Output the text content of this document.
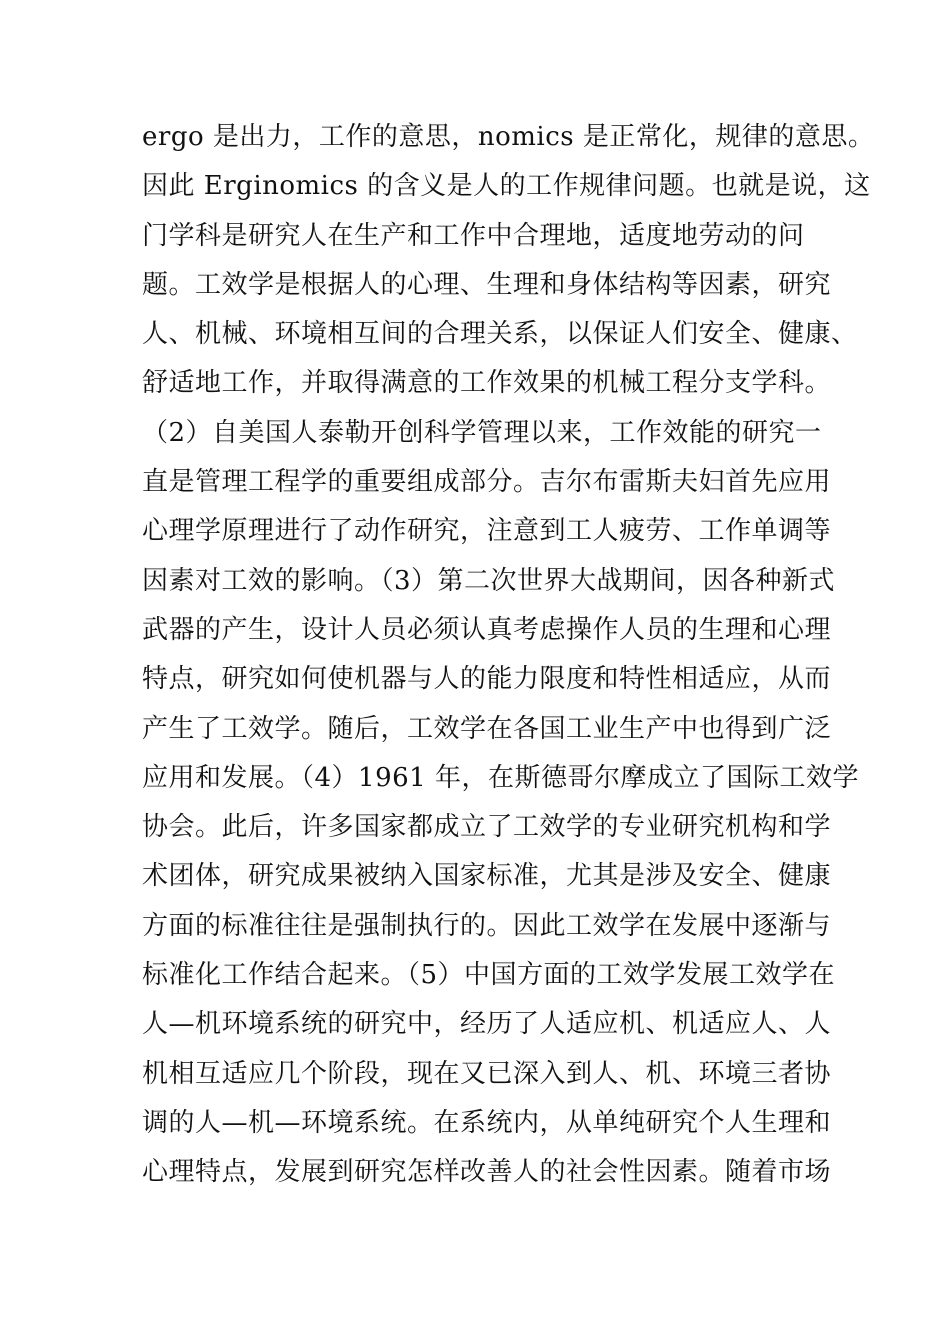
ergo 是出力，工作的意思，nomics 是正常化，规律的意思。
因此 Erginomics 的含义是人的工作规律问题。也就是说，这
门学科是研究人在生产和工作中合理地，适度地劳动的问
题。工效学是根据人的心理、生理和身体结构等因素，研究
人、机械、环境相互间的合理关系，以保证人们安全、健康、
舒适地工作，并取得满意的工作效果的机械工程分支学科。
（2）自美国人泰勒开创科学管理以来，工作效能的研究一
直是管理工程学的重要组成部分。吉尔布雷斯夫妇首先应用
心理学原理进行了动作研究，注意到工人疲劳、工作单调等
因素对工效的影响。（3）第二次世界大战期间，因各种新式
武器的产生，设计人员必须认真考虑操作人员的生理和心理
特点，研究如何使机器与人的能力限度和特性相适应，从而
产生了工效学。随后，工效学在各国工业生产中也得到广泛
应用和发展。（4）1961 年，在斯德哥尔摩成立了国际工效学
协会。此后，许多国家都成立了工效学的专业研究机构和学
术团体，研究成果被纳入国家标准，尤其是涉及安全、健康
方面的标准往往是强制执行的。因此工效学在发展中逐渐与
标准化工作结合起来。（5）中国方面的工效学发展工效学在
人—机环境系统的研究中，经历了人适应机、机适应人、人
机相互适应几个阶段，现在又已深入到人、机、环境三者协
调的人—机—环境系统。在系统内，从单纯研究个人生理和
心理特点，发展到研究怎样改善人的社会性因素。随着市场
